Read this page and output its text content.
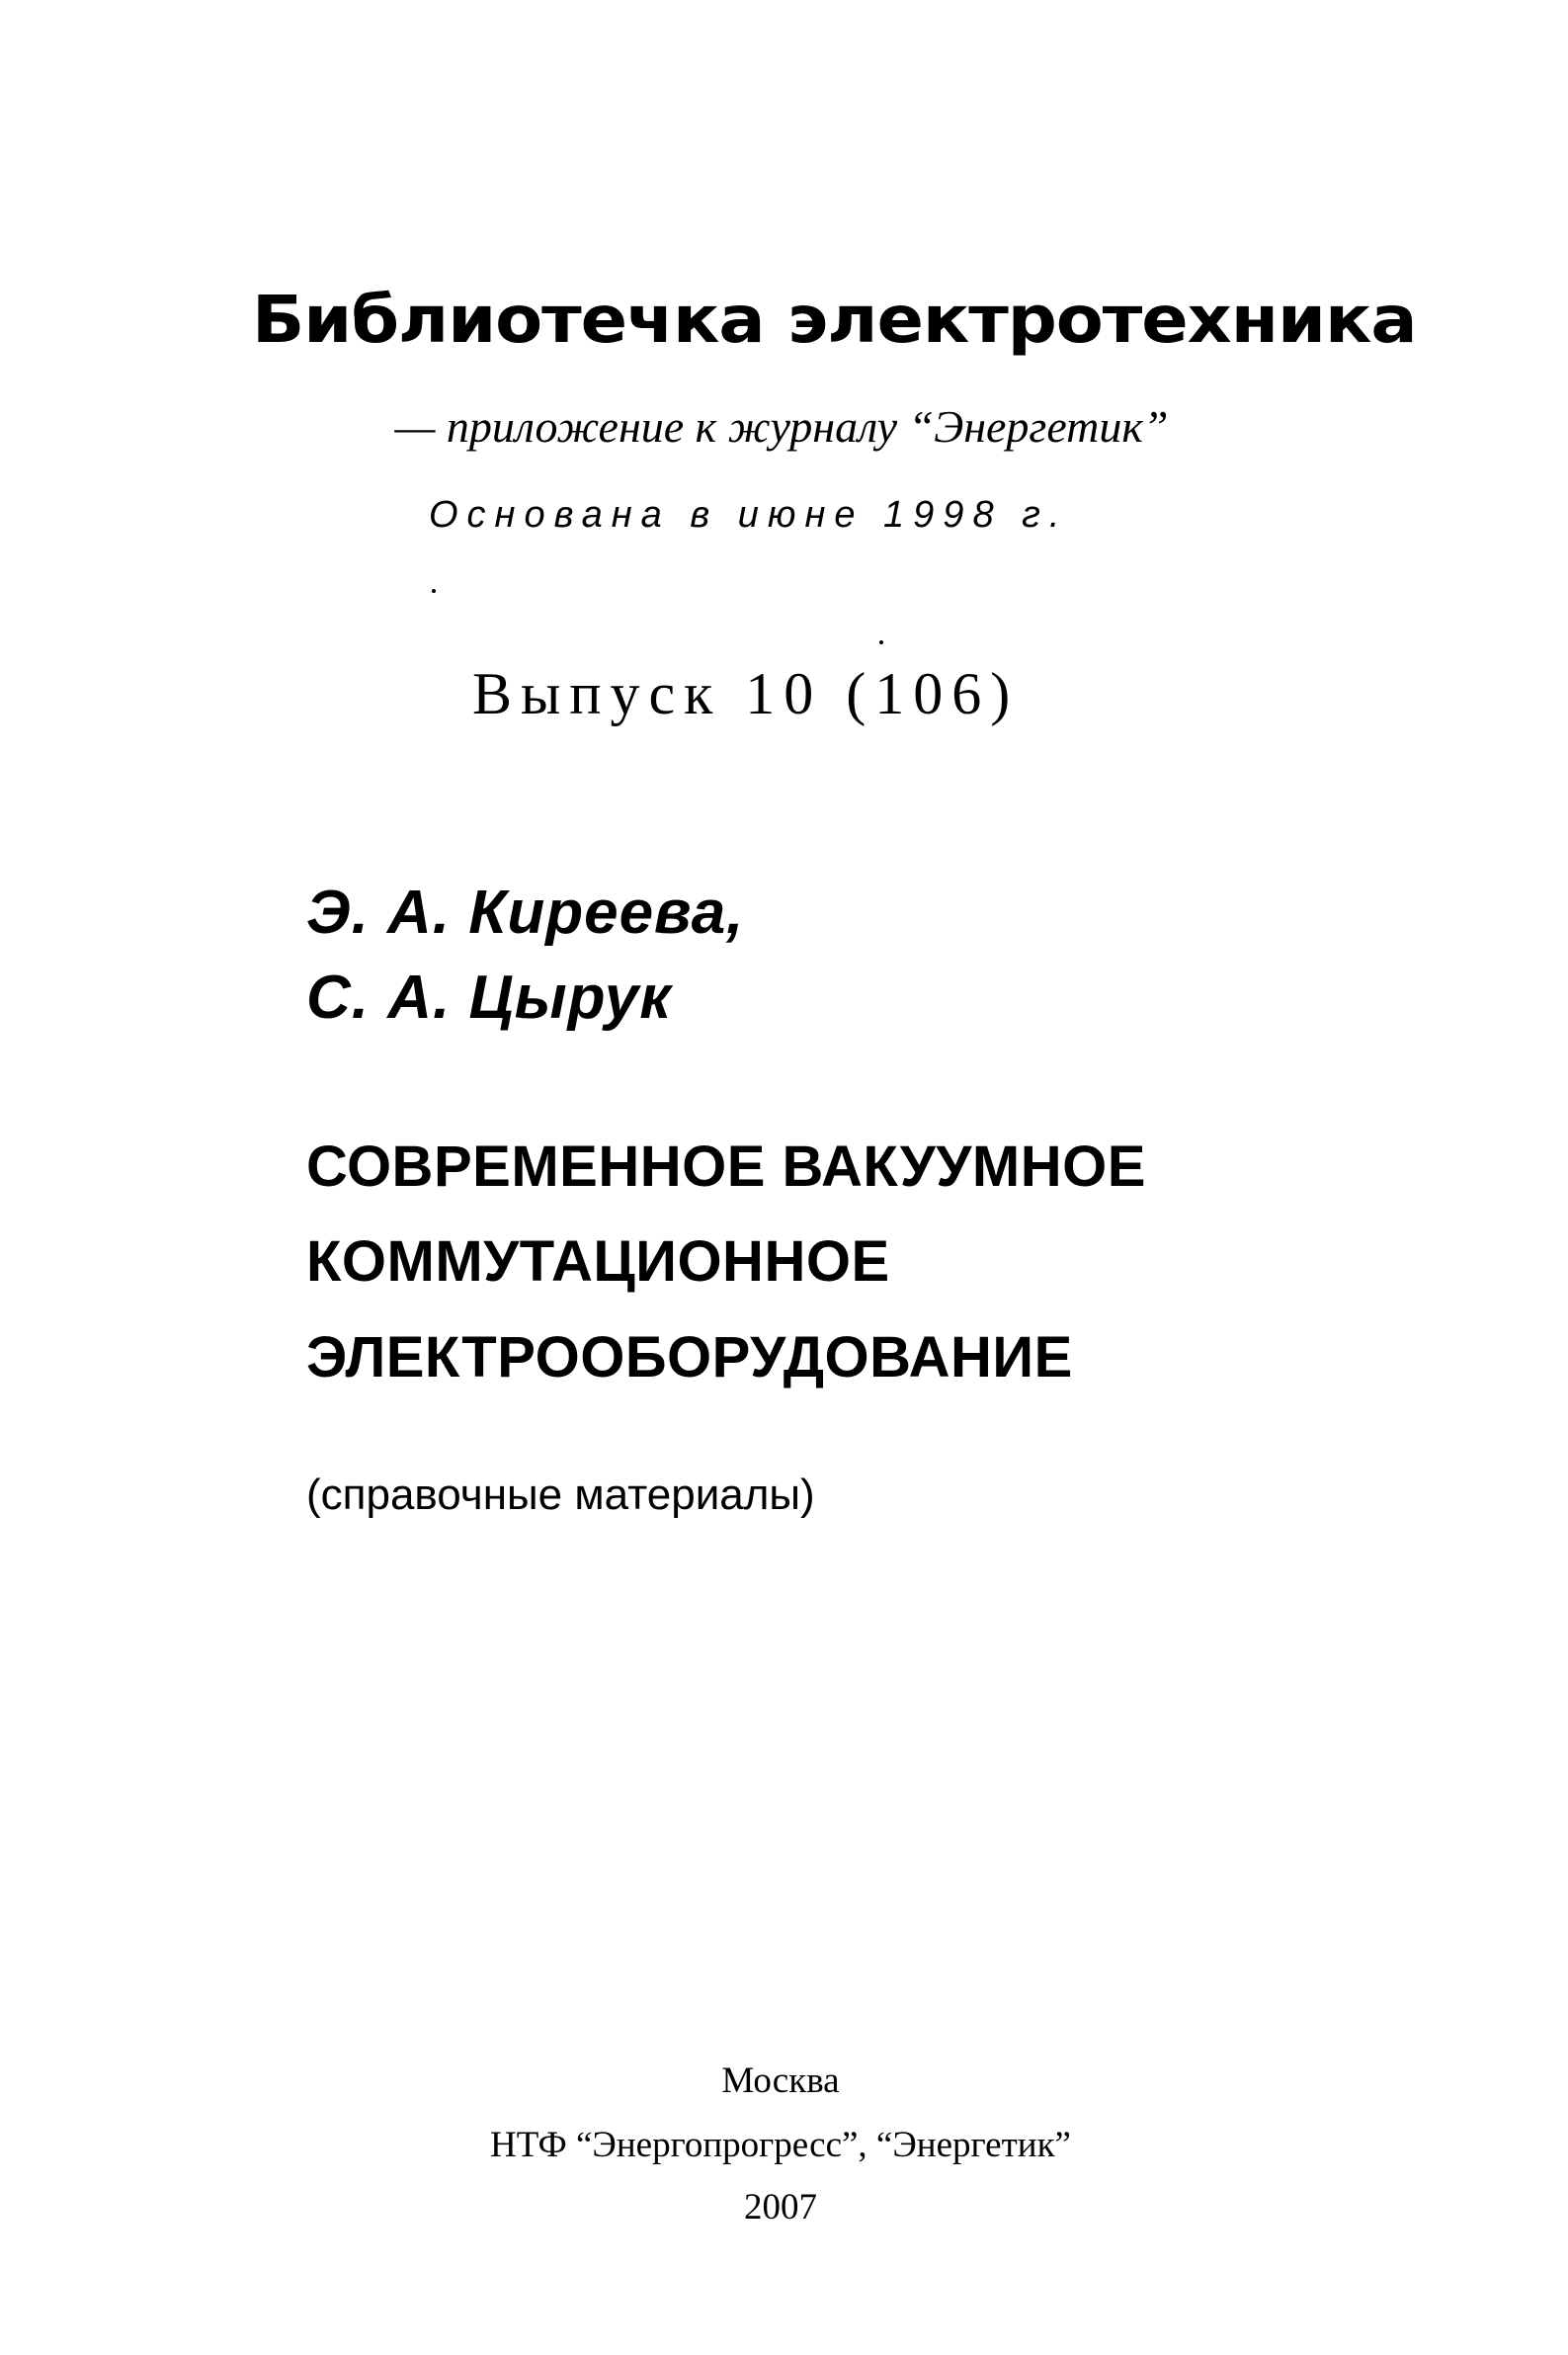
Библиотечка электротехника
— приложение к журналу “Энергетик”
Основана в июне 1998 г.
Выпуск 10 (106)
Э. А. Киреева,
С. А. Цырук
СОВРЕМЕННОЕ ВАКУУМНОЕ
КОММУТАЦИОННОЕ
ЭЛЕКТРООБОРУДОВАНИЕ
(справочные материалы)
Москва
НТФ “Энергопрогресс”, “Энергетик”
2007
